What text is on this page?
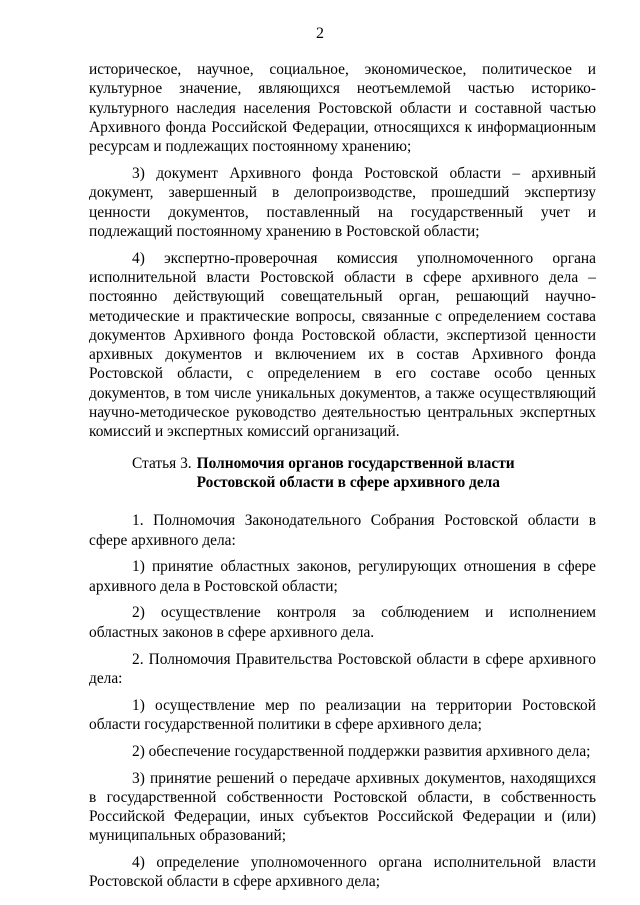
2

историческое, научное, социальное, экономическое, политическое и культурное значение, являющихся неотъемлемой частью историко-культурного наследия населения Ростовской области и составной частью Архивного фонда Российской Федерации, относящихся к информационным ресурсам и подлежащих постоянному хранению;

3) документ Архивного фонда Ростовской области – архивный документ, завершенный в делопроизводстве, прошедший экспертизу ценности документов, поставленный на государственный учет и подлежащий постоянному хранению в Ростовской области;

4) экспертно-проверочная комиссия уполномоченного органа исполнительной власти Ростовской области в сфере архивного дела – постоянно действующий совещательный орган, решающий научно-методические и практические вопросы, связанные с определением состава документов Архивного фонда Ростовской области, экспертизой ценности архивных документов и включением их в состав Архивного фонда Ростовской области, с определением в его составе особо ценных документов, в том числе уникальных документов, а также осуществляющий научно-методическое руководство деятельностью центральных экспертных комиссий и экспертных комиссий организаций.

Статья 3. Полномочия органов государственной власти Ростовской области в сфере архивного дела

1. Полномочия Законодательного Собрания Ростовской области в сфере архивного дела:

1) принятие областных законов, регулирующих отношения в сфере архивного дела в Ростовской области;

2) осуществление контроля за соблюдением и исполнением областных законов в сфере архивного дела.

2. Полномочия Правительства Ростовской области в сфере архивного дела:

1) осуществление мер по реализации на территории Ростовской области государственной политики в сфере архивного дела;

2) обеспечение государственной поддержки развития архивного дела;

3) принятие решений о передаче архивных документов, находящихся в государственной собственности Ростовской области, в собственность Российской Федерации, иных субъектов Российской Федерации и (или) муниципальных образований;

4) определение уполномоченного органа исполнительной власти Ростовской области в сфере архивного дела;
